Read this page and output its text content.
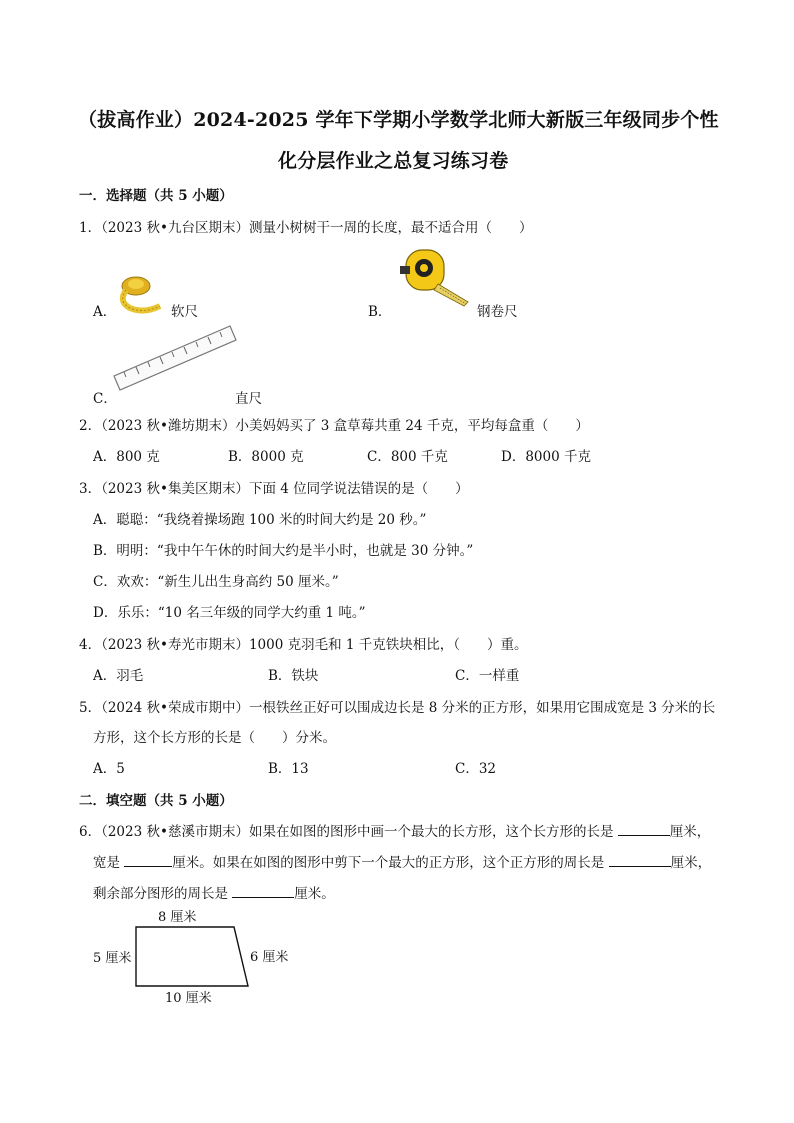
（拔高作业）2024-2025 学年下学期小学数学北师大新版三年级同步个性
化分层作业之总复习练习卷
一．选择题（共 5 小题）
1．（2023 秋•九台区期末）测量小树树干一周的长度，最不适合用（　　）
A．	软尺	B．	钢卷尺
C．	直尺
2．（2023 秋•潍坊期末）小美妈妈买了 3 盒草莓共重 24 千克，平均每盒重（　　）
A．800 克	B．8000 克	C．800 千克	D．8000 千克
3．（2023 秋•集美区期末）下面 4 位同学说法错误的是（　　）
A．聪聪：“我绕着操场跑 100 米的时间大约是 20 秒。”
B．明明：“我中午午休的时间大约是半小时，也就是 30 分钟。”
C．欢欢：“新生儿出生身高约 50 厘米。”
D．乐乐：“10 名三年级的同学大约重 1 吨。”
4．（2023 秋•寿光市期末）1000 克羽毛和 1 千克铁块相比，（　　）重。
A．羽毛	B．铁块	C．一样重
5．（2024 秋•荣成市期中）一根铁丝正好可以围成边长是 8 分米的正方形，如果用它围成宽是 3 分米的长
方形，这个长方形的长是（　　）分米。
A．5	B．13	C．32
二．填空题（共 5 小题）
6．（2023 秋•慈溪市期末）如果在如图的图形中画一个最大的长方形，这个长方形的长是	厘米，
宽是	厘米。如果在如图的图形中剪下一个最大的正方形，这个正方形的周长是	厘米，
剩余部分图形的周长是	厘米。
8 厘米
5 厘米	6 厘米
10 厘米
